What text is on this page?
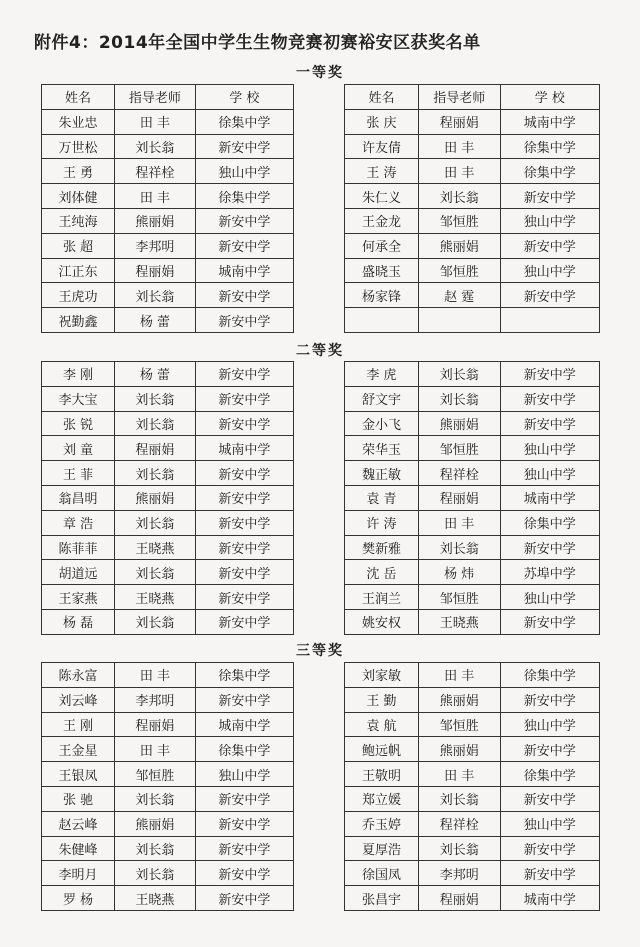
附件4：2014年全国中学生生物竞赛初赛裕安区获奖名单
一等奖
姓名	指导老师	学 校
朱业忠	田 丰	徐集中学
万世松	刘长翁	新安中学
王 勇	程祥栓	独山中学
刘体健	田 丰	徐集中学
王纯海	熊丽娟	新安中学
张 超	李邦明	新安中学
江正东	程丽娟	城南中学
王虎功	刘长翁	新安中学
祝勤鑫	杨 蕾	新安中学
姓名	指导老师	学 校
张 庆	程丽娟	城南中学
许友倩	田 丰	徐集中学
王 涛	田 丰	徐集中学
朱仁义	刘长翁	新安中学
王金龙	邹恒胜	独山中学
何承全	熊丽娟	新安中学
盛晓玉	邹恒胜	独山中学
杨家锋	赵 霆	新安中学

二等奖
李 刚	杨 蕾	新安中学
李大宝	刘长翁	新安中学
张 锐	刘长翁	新安中学
刘 童	程丽娟	城南中学
王 菲	刘长翁	新安中学
翁昌明	熊丽娟	新安中学
章 浩	刘长翁	新安中学
陈菲菲	王晓燕	新安中学
胡道远	刘长翁	新安中学
王家燕	王晓燕	新安中学
杨 磊	刘长翁	新安中学
李 虎	刘长翁	新安中学
舒文宇	刘长翁	新安中学
金小飞	熊丽娟	新安中学
荣华玉	邹恒胜	独山中学
魏正敏	程祥栓	独山中学
袁 青	程丽娟	城南中学
许 涛	田 丰	徐集中学
樊新雅	刘长翁	新安中学
沈 岳	杨 炜	苏埠中学
王润兰	邹恒胜	独山中学
姚安权	王晓燕	新安中学
三等奖
陈永富	田 丰	徐集中学
刘云峰	李邦明	新安中学
王 刚	程丽娟	城南中学
王金星	田 丰	徐集中学
王银凤	邹恒胜	独山中学
张 驰	刘长翁	新安中学
赵云峰	熊丽娟	新安中学
朱健峰	刘长翁	新安中学
李明月	刘长翁	新安中学
罗 杨	王晓燕	新安中学
刘家敏	田 丰	徐集中学
王 勤	熊丽娟	新安中学
袁 航	邹恒胜	独山中学
鲍远帆	熊丽娟	新安中学
王敬明	田 丰	徐集中学
郑立媛	刘长翁	新安中学
乔玉婷	程祥栓	独山中学
夏厚浩	刘长翁	新安中学
徐国凤	李邦明	新安中学
张昌宇	程丽娟	城南中学
